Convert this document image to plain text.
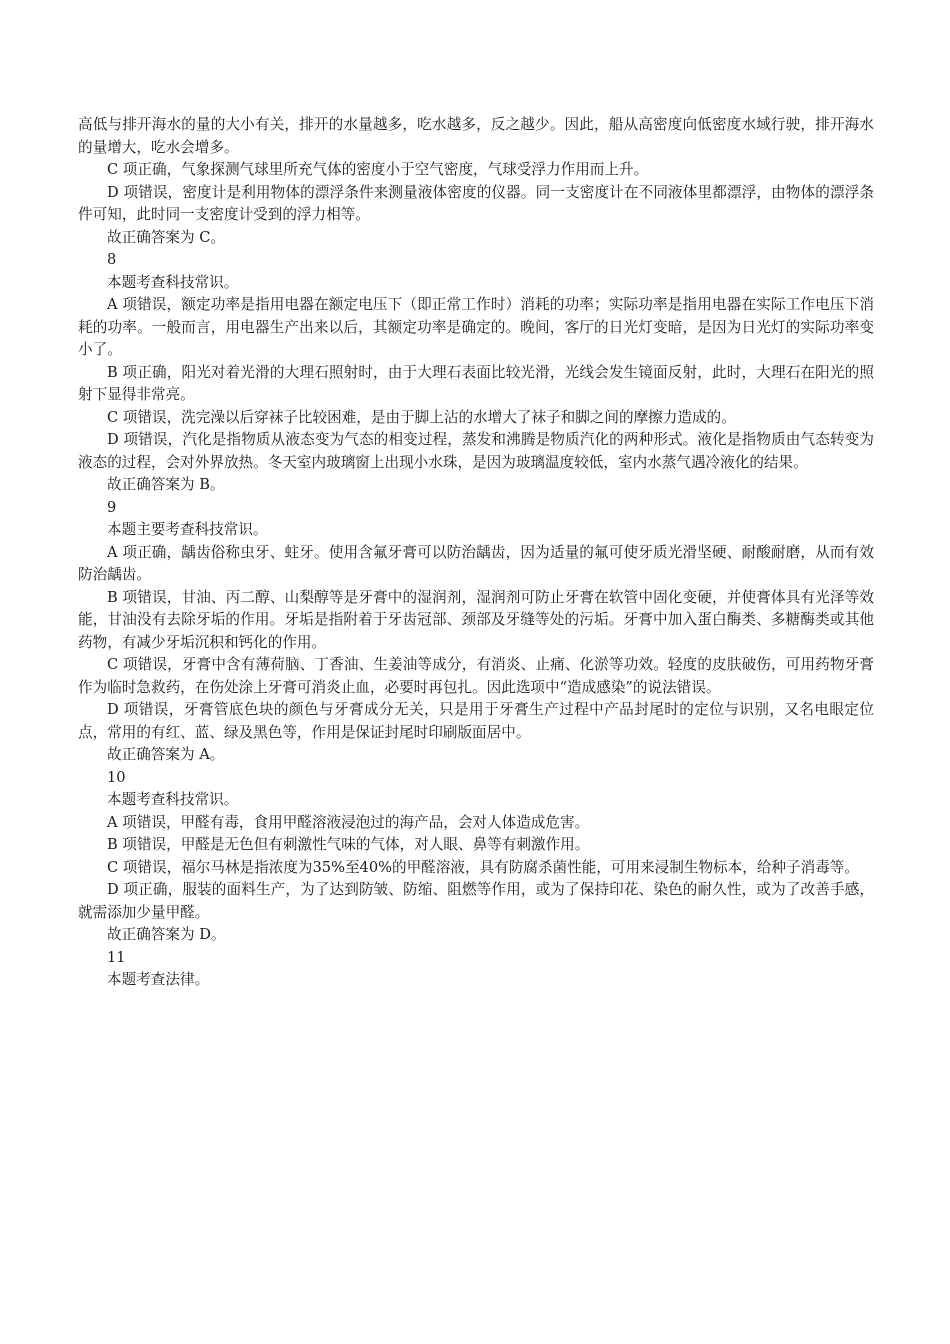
高低与排开海水的量的大小有关，排开的水量越多，吃水越多，反之越少。因此，船从高密度向低密度水域行驶，排开海水的量增大，吃水会增多。

C 项正确，气象探测气球里所充气体的密度小于空气密度，气球受浮力作用而上升。

D 项错误，密度计是利用物体的漂浮条件来测量液体密度的仪器。同一支密度计在不同液体里都漂浮，由物体的漂浮条件可知，此时同一支密度计受到的浮力相等。

故正确答案为 C。

8

本题考查科技常识。

A 项错误，额定功率是指用电器在额定电压下（即正常工作时）消耗的功率；实际功率是指用电器在实际工作电压下消耗的功率。一般而言，用电器生产出来以后，其额定功率是确定的。晚间，客厅的日光灯变暗，是因为日光灯的实际功率变小了。

B 项正确，阳光对着光滑的大理石照射时，由于大理石表面比较光滑，光线会发生镜面反射，此时，大理石在阳光的照射下显得非常亮。

C 项错误，洗完澡以后穿袜子比较困难，是由于脚上沾的水增大了袜子和脚之间的摩擦力造成的。

D 项错误，汽化是指物质从液态变为气态的相变过程，蒸发和沸腾是物质汽化的两种形式。液化是指物质由气态转变为液态的过程，会对外界放热。冬天室内玻璃窗上出现小水珠，是因为玻璃温度较低，室内水蒸气遇冷液化的结果。

故正确答案为 B。

9

本题主要考查科技常识。

A 项正确，龋齿俗称虫牙、蛀牙。使用含氟牙膏可以防治龋齿，因为适量的氟可使牙质光滑坚硬、耐酸耐磨，从而有效防治龋齿。

B 项错误，甘油、丙二醇、山梨醇等是牙膏中的湿润剂，湿润剂可防止牙膏在软管中固化变硬，并使膏体具有光泽等效能，甘油没有去除牙垢的作用。牙垢是指附着于牙齿冠部、颈部及牙缝等处的污垢。牙膏中加入蛋白酶类、多糖酶类或其他药物，有减少牙垢沉积和钙化的作用。

C 项错误，牙膏中含有薄荷脑、丁香油、生姜油等成分，有消炎、止痛、化淤等功效。轻度的皮肤破伤，可用药物牙膏作为临时急救药，在伤处涂上牙膏可消炎止血，必要时再包扎。因此选项中“造成感染”的说法错误。

D 项错误，牙膏管底色块的颜色与牙膏成分无关，只是用于牙膏生产过程中产品封尾时的定位与识别，又名电眼定位点，常用的有红、蓝、绿及黑色等，作用是保证封尾时印刷版面居中。

故正确答案为 A。

10

本题考查科技常识。

A 项错误，甲醛有毒，食用甲醛溶液浸泡过的海产品，会对人体造成危害。

B 项错误，甲醛是无色但有刺激性气味的气体，对人眼、鼻等有刺激作用。

C 项错误，福尔马林是指浓度为35%至40%的甲醛溶液，具有防腐杀菌性能，可用来浸制生物标本，给种子消毒等。

D 项正确，服装的面料生产，为了达到防皱、防缩、阻燃等作用，或为了保持印花、染色的耐久性，或为了改善手感，就需添加少量甲醛。

故正确答案为 D。

11

本题考查法律。
